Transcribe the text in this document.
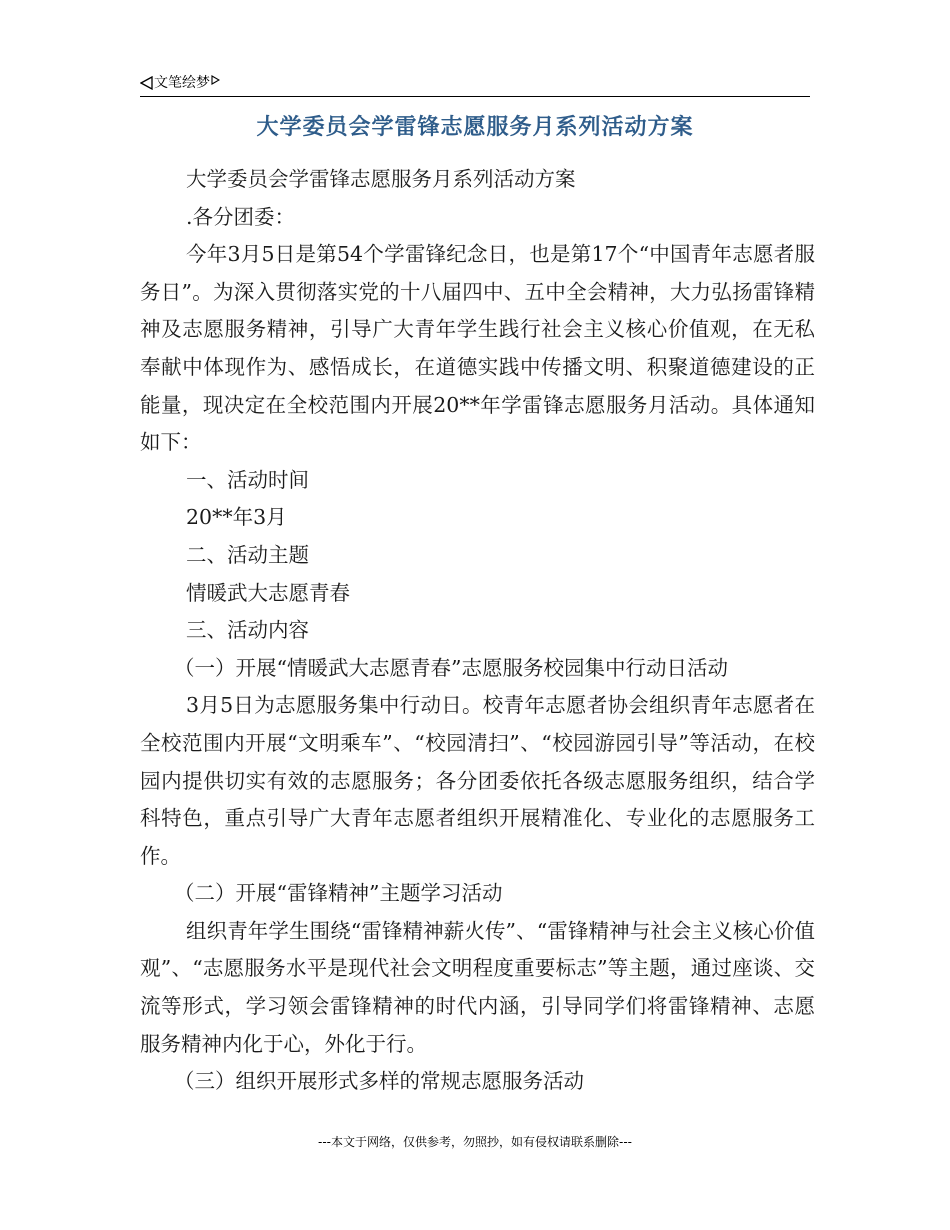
文笔绘梦
大学委员会学雷锋志愿服务月系列活动方案

大学委员会学雷锋志愿服务月系列活动方案

.各分团委：

今年3月5日是第54个学雷锋纪念日，也是第17个“中国青年志愿者服务日”。为深入贯彻落实党的十八届四中、五中全会精神，大力弘扬雷锋精神及志愿服务精神，引导广大青年学生践行社会主义核心价值观，在无私奉献中体现作为、感悟成长，在道德实践中传播文明、积聚道德建设的正能量，现决定在全校范围内开展20**年学雷锋志愿服务月活动。具体通知如下：

一、活动时间

20**年3月

二、活动主题

情暖武大志愿青春

三、活动内容

（一）开展“情暖武大志愿青春”志愿服务校园集中行动日活动

3月5日为志愿服务集中行动日。校青年志愿者协会组织青年志愿者在全校范围内开展“文明乘车”、“校园清扫”、“校园游园引导”等活动，在校园内提供切实有效的志愿服务；各分团委依托各级志愿服务组织，结合学科特色，重点引导广大青年志愿者组织开展精准化、专业化的志愿服务工作。

（二）开展“雷锋精神”主题学习活动

组织青年学生围绕“雷锋精神薪火传”、“雷锋精神与社会主义核心价值观”、“志愿服务水平是现代社会文明程度重要标志”等主题，通过座谈、交流等形式，学习领会雷锋精神的时代内涵，引导同学们将雷锋精神、志愿服务精神内化于心，外化于行。

（三）组织开展形式多样的常规志愿服务活动

---本文于网络，仅供参考，勿照抄，如有侵权请联系删除---
